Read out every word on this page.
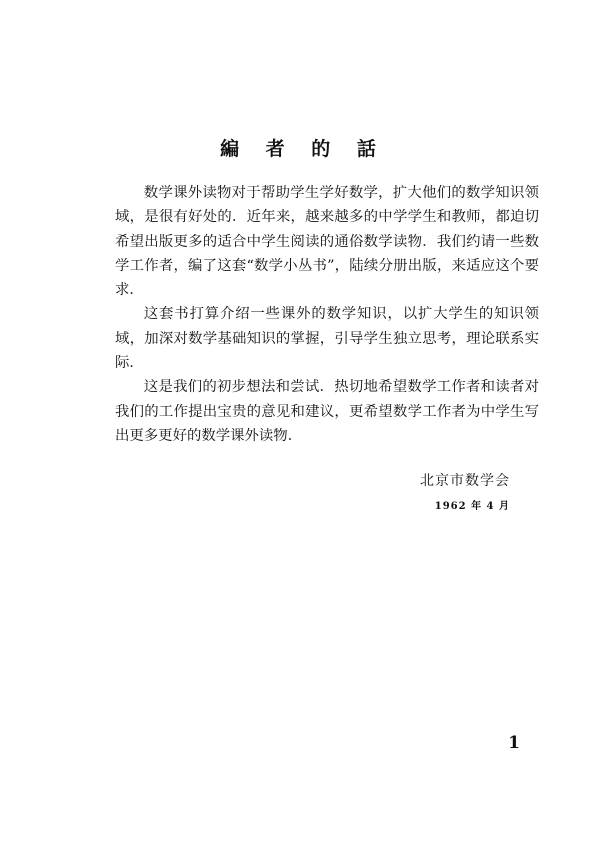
編 者 的 話

数学课外读物对于帮助学生学好数学，扩大他们的数学知识领域，是很有好处的．近年来，越来越多的中学学生和教师，都迫切希望出版更多的适合中学生阅读的通俗数学读物．我们约请一些数学工作者，编了这套“数学小丛书”，陆续分册出版，来适应这个要求．

这套书打算介绍一些课外的数学知识，以扩大学生的知识领域，加深对数学基础知识的掌握，引导学生独立思考，理论联系实际．

这是我们的初步想法和尝试．热切地希望数学工作者和读者对我们的工作提出宝贵的意见和建议，更希望数学工作者为中学生写出更多更好的数学课外读物．

北京市数学会
1962 年 4 月
1
